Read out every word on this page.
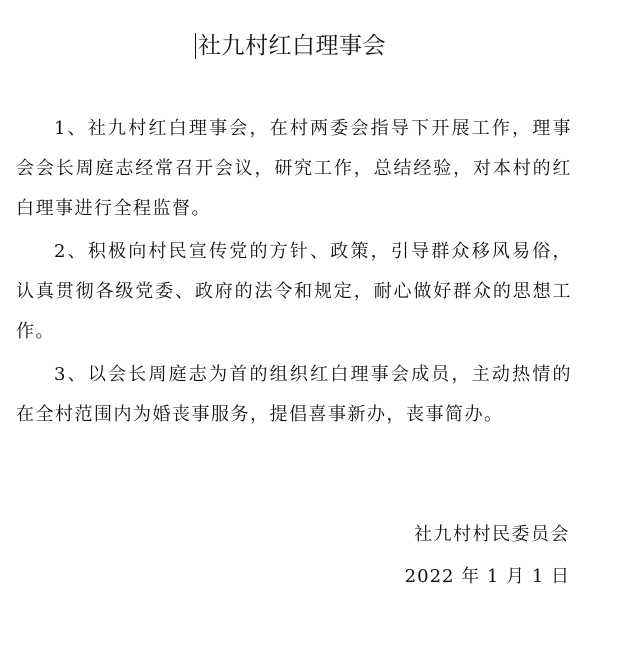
社九村红白理事会
1、社九村红白理事会，在村两委会指导下开展工作，理事会会长周庭志经常召开会议，研究工作，总结经验，对本村的红白理事进行全程监督。
2、积极向村民宣传党的方针、政策，引导群众移风易俗，认真贯彻各级党委、政府的法令和规定，耐心做好群众的思想工作。
3、以会长周庭志为首的组织红白理事会成员，主动热情的在全村范围内为婚丧事服务，提倡喜事新办，丧事简办。
社九村村民委员会
2022 年 1 月 1 日
